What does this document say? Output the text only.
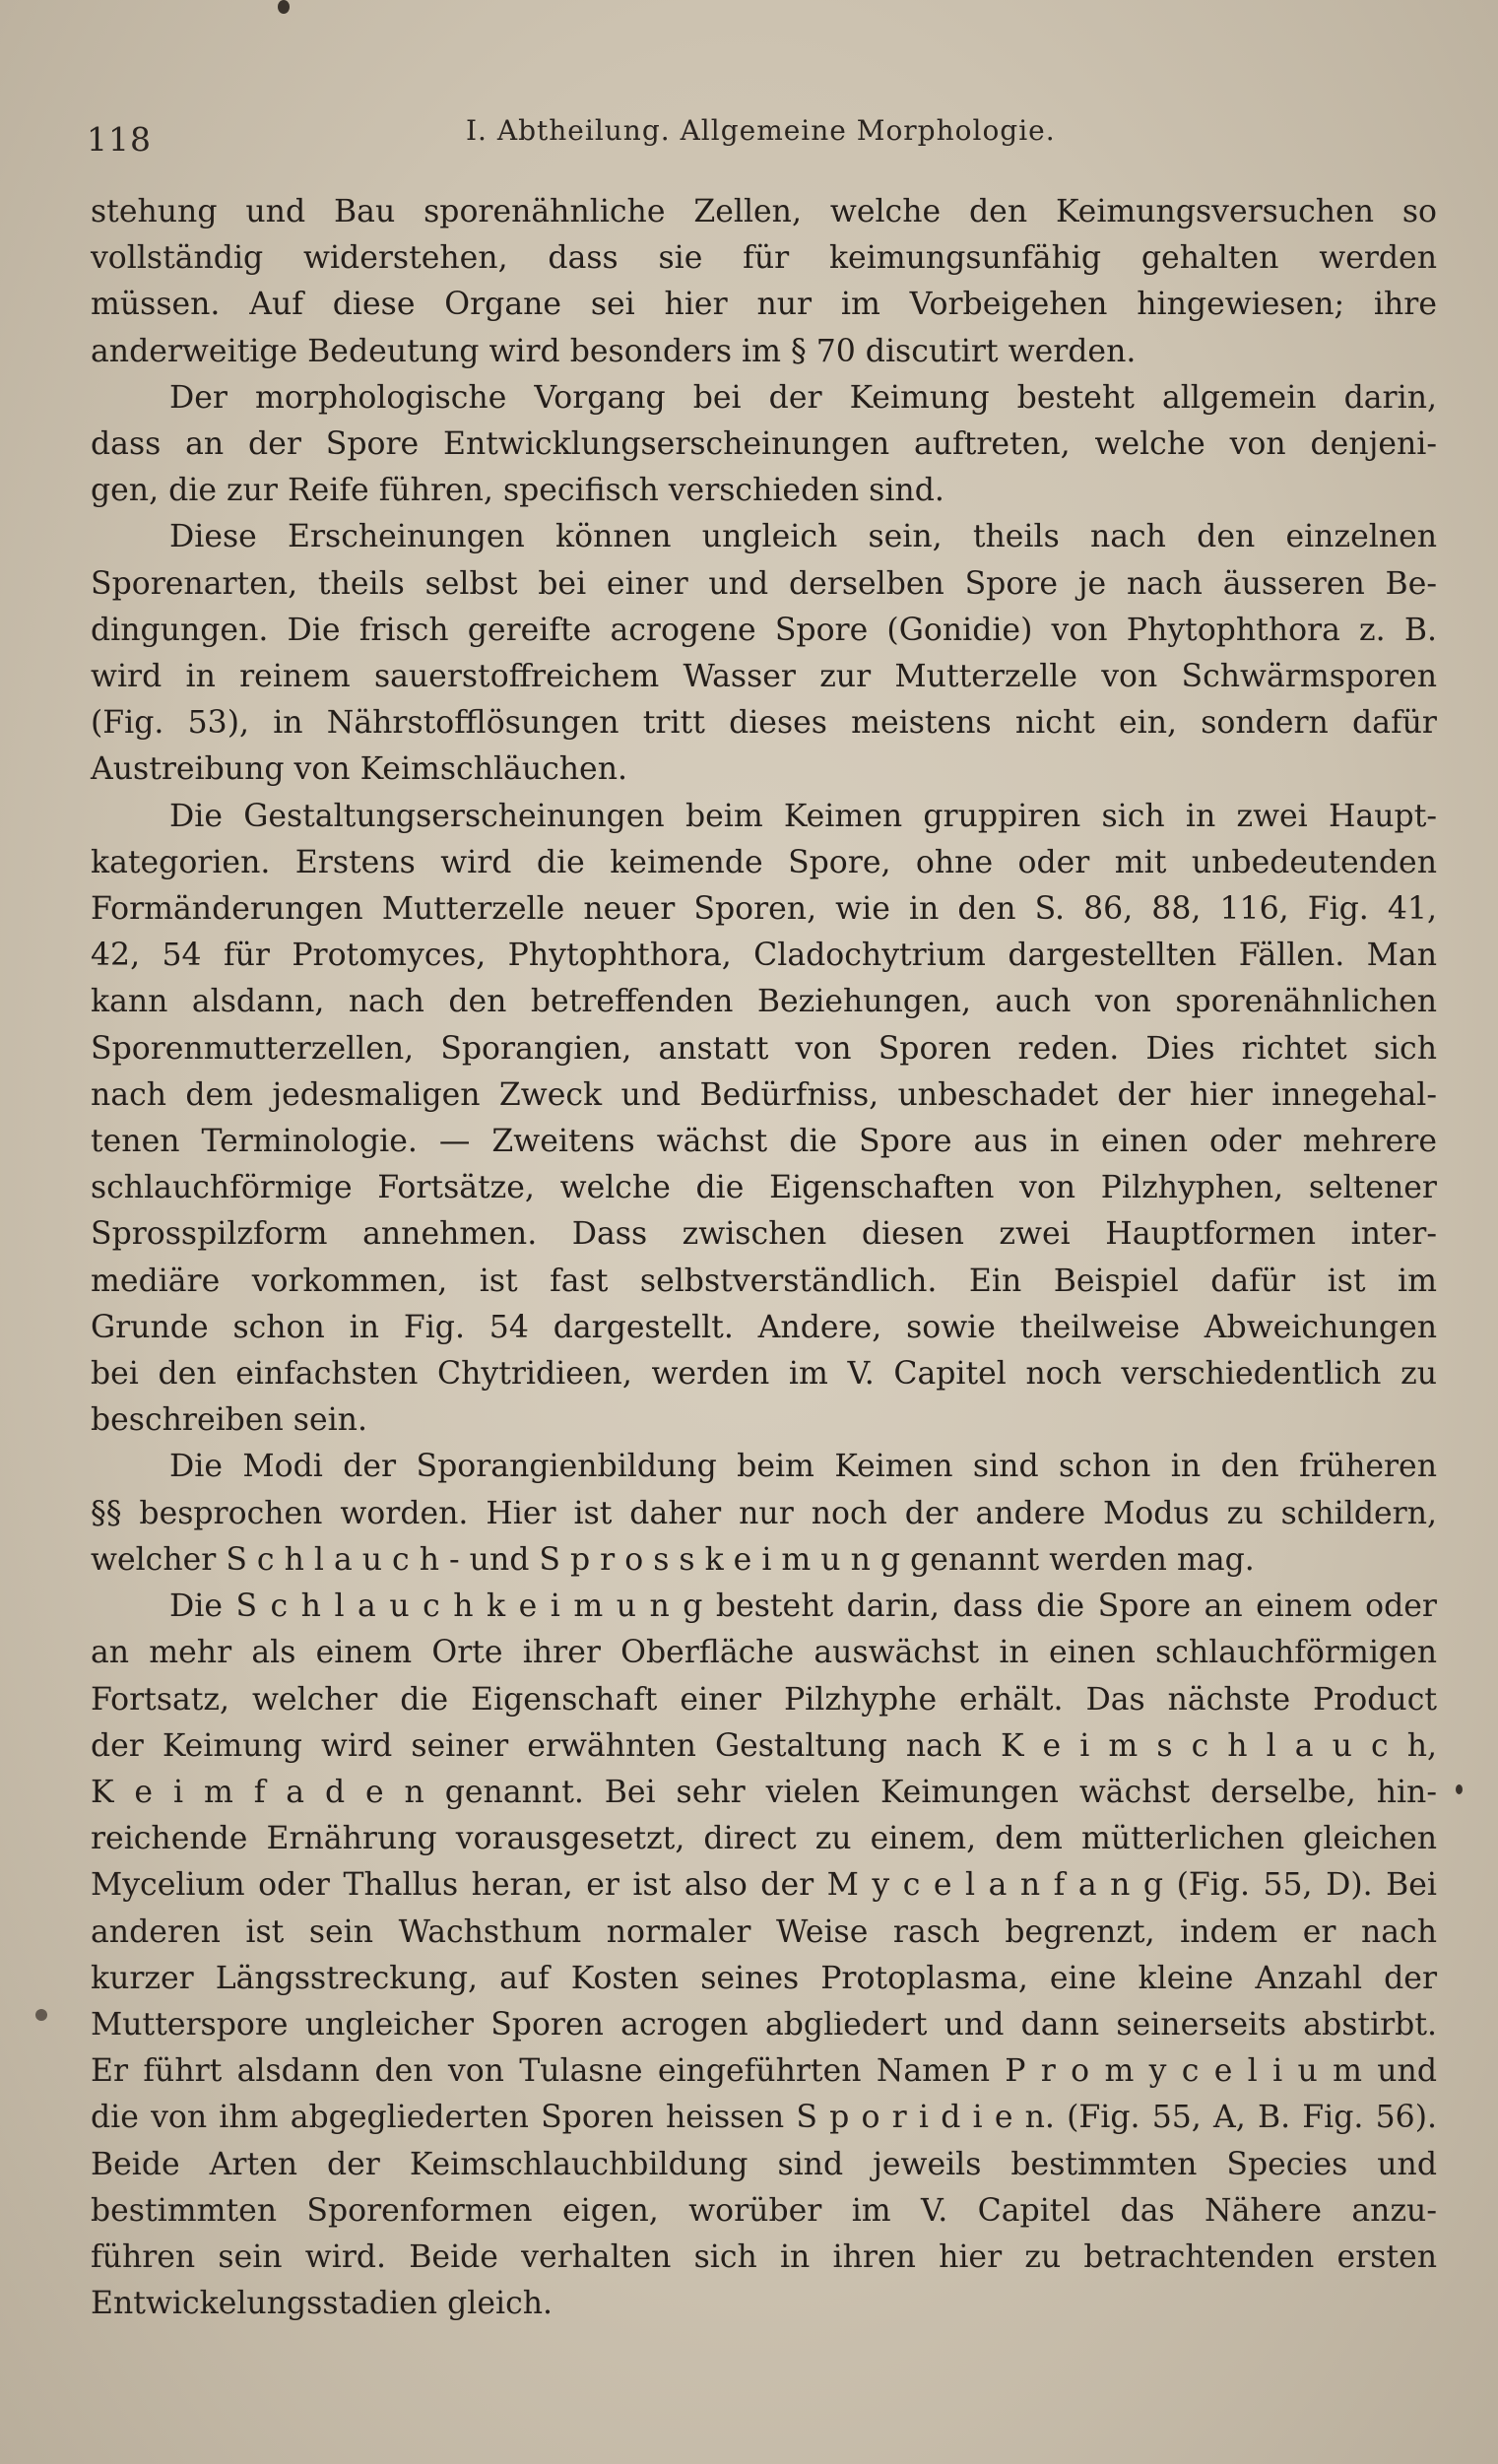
118	I. Abtheilung. Allgemeine Morphologie.

stehung und Bau sporenähnliche Zellen, welche den Keimungsversuchen so
vollständig widerstehen, dass sie für keimungsunfähig gehalten werden
müssen. Auf diese Organe sei hier nur im Vorbeigehen hingewiesen; ihre
anderweitige Bedeutung wird besonders im § 70 discutirt werden.

Der morphologische Vorgang bei der Keimung besteht allgemein darin,
dass an der Spore Entwicklungserscheinungen auftreten, welche von denjeni-
gen, die zur Reife führen, specifisch verschieden sind.

Diese Erscheinungen können ungleich sein, theils nach den einzelnen
Sporenarten, theils selbst bei einer und derselben Spore je nach äusseren Be-
dingungen. Die frisch gereifte acrogene Spore (Gonidie) von Phytophthora z. B.
wird in reinem sauerstoffreichem Wasser zur Mutterzelle von Schwärmsporen
(Fig. 53), in Nährstofflösungen tritt dieses meistens nicht ein, sondern dafür
Austreibung von Keimschläuchen.

Die Gestaltungserscheinungen beim Keimen gruppiren sich in zwei Haupt-
kategorien. Erstens wird die keimende Spore, ohne oder mit unbedeutenden
Formänderungen Mutterzelle neuer Sporen, wie in den S. 86, 88, 116, Fig. 41,
42, 54 für Protomyces, Phytophthora, Cladochytrium dargestellten Fällen. Man
kann alsdann, nach den betreffenden Beziehungen, auch von sporenähnlichen
Sporenmutterzellen, Sporangien, anstatt von Sporen reden. Dies richtet sich
nach dem jedesmaligen Zweck und Bedürfniss, unbeschadet der hier innegehal-
tenen Terminologie. — Zweitens wächst die Spore aus in einen oder mehrere
schlauchförmige Fortsätze, welche die Eigenschaften von Pilzhyphen, seltener
Sprosspilzform annehmen. Dass zwischen diesen zwei Hauptformen inter-
mediäre vorkommen, ist fast selbstverständlich. Ein Beispiel dafür ist im
Grunde schon in Fig. 54 dargestellt. Andere, sowie theilweise Abweichungen
bei den einfachsten Chytridieen, werden im V. Capitel noch verschiedentlich zu
beschreiben sein.

Die Modi der Sporangienbildung beim Keimen sind schon in den früheren
§§ besprochen worden. Hier ist daher nur noch der andere Modus zu schildern,
welcher S c h l a u c h - und S p r o s s k e i m u n g genannt werden mag.

Die S c h l a u c h k e i m u n g besteht darin, dass die Spore an einem oder
an mehr als einem Orte ihrer Oberfläche auswächst in einen schlauchförmigen
Fortsatz, welcher die Eigenschaft einer Pilzhyphe erhält. Das nächste Product
der Keimung wird seiner erwähnten Gestaltung nach K e i m s c h l a u c h,
K e i m f a d e n genannt. Bei sehr vielen Keimungen wächst derselbe, hin-
reichende Ernährung vorausgesetzt, direct zu einem, dem mütterlichen gleichen
Mycelium oder Thallus heran, er ist also der M y c e l a n f a n g (Fig. 55, D). Bei
anderen ist sein Wachsthum normaler Weise rasch begrenzt, indem er nach
kurzer Längsstreckung, auf Kosten seines Protoplasma, eine kleine Anzahl der
Mutterspore ungleicher Sporen acrogen abgliedert und dann seinerseits abstirbt.
Er führt alsdann den von Tulasne eingeführten Namen P r o m y c e l i u m und
die von ihm abgegliederten Sporen heissen S p o r i d i e n. (Fig. 55, A, B. Fig. 56).
Beide Arten der Keimschlauchbildung sind jeweils bestimmten Species und
bestimmten Sporenformen eigen, worüber im V. Capitel das Nähere anzu-
führen sein wird. Beide verhalten sich in ihren hier zu betrachtenden ersten
Entwickelungsstadien gleich.
